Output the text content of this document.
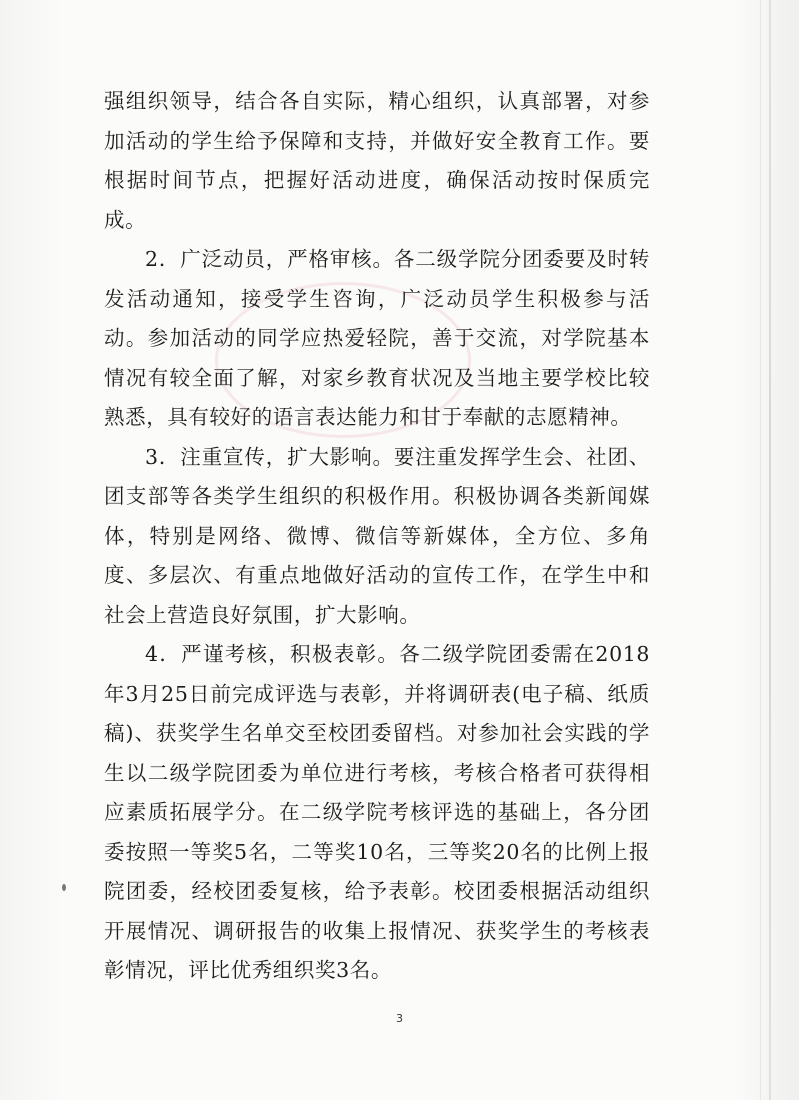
强组织领导，结合各自实际，精心组织，认真部署，对参加活动的学生给予保障和支持，并做好安全教育工作。要根据时间节点，把握好活动进度，确保活动按时保质完成。

2．广泛动员，严格审核。各二级学院分团委要及时转发活动通知，接受学生咨询，广泛动员学生积极参与活动。参加活动的同学应热爱轻院，善于交流，对学院基本情况有较全面了解，对家乡教育状况及当地主要学校比较熟悉，具有较好的语言表达能力和甘于奉献的志愿精神。

3．注重宣传，扩大影响。要注重发挥学生会、社团、团支部等各类学生组织的积极作用。积极协调各类新闻媒体，特别是网络、微博、微信等新媒体，全方位、多角度、多层次、有重点地做好活动的宣传工作，在学生中和社会上营造良好氛围，扩大影响。

4．严谨考核，积极表彰。各二级学院团委需在2018年3月25日前完成评选与表彰，并将调研表(电子稿、纸质稿)、获奖学生名单交至校团委留档。对参加社会实践的学生以二级学院团委为单位进行考核，考核合格者可获得相应素质拓展学分。在二级学院考核评选的基础上，各分团委按照一等奖5名，二等奖10名，三等奖20名的比例上报院团委，经校团委复核，给予表彰。校团委根据活动组织开展情况、调研报告的收集上报情况、获奖学生的考核表彰情况，评比优秀组织奖3名。

3
